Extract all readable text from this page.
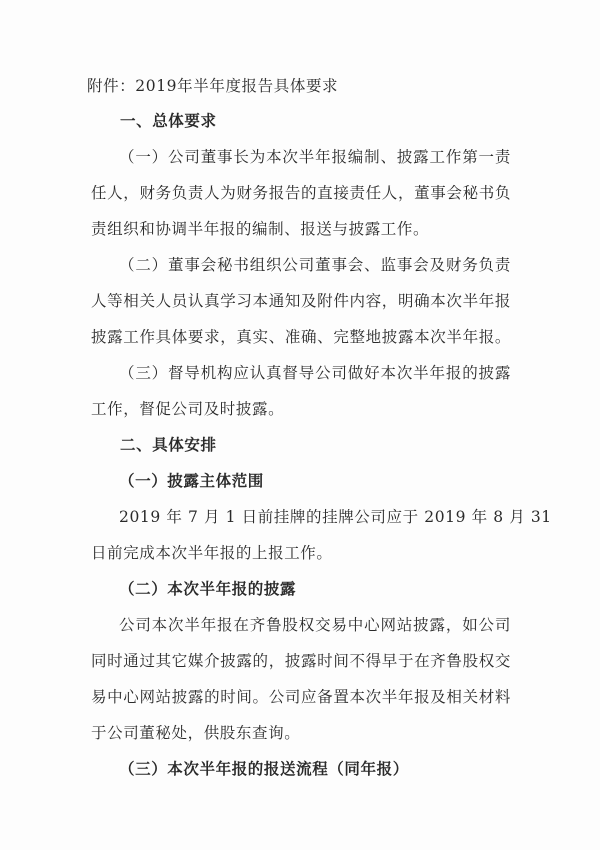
附件：2019年半年度报告具体要求
一、总体要求
（一）公司董事长为本次半年报编制、披露工作第一责
任人，财务负责人为财务报告的直接责任人，董事会秘书负
责组织和协调半年报的编制、报送与披露工作。
（二）董事会秘书组织公司董事会、监事会及财务负责
人等相关人员认真学习本通知及附件内容，明确本次半年报
披露工作具体要求，真实、准确、完整地披露本次半年报。
（三）督导机构应认真督导公司做好本次半年报的披露
工作，督促公司及时披露。
二、具体安排
（一）披露主体范围
2019 年 7 月 1 日前挂牌的挂牌公司应于 2019 年 8 月 31
日前完成本次半年报的上报工作。
（二）本次半年报的披露
公司本次半年报在齐鲁股权交易中心网站披露，如公司
同时通过其它媒介披露的，披露时间不得早于在齐鲁股权交
易中心网站披露的时间。公司应备置本次半年报及相关材料
于公司董秘处，供股东查询。
（三）本次半年报的报送流程（同年报）
